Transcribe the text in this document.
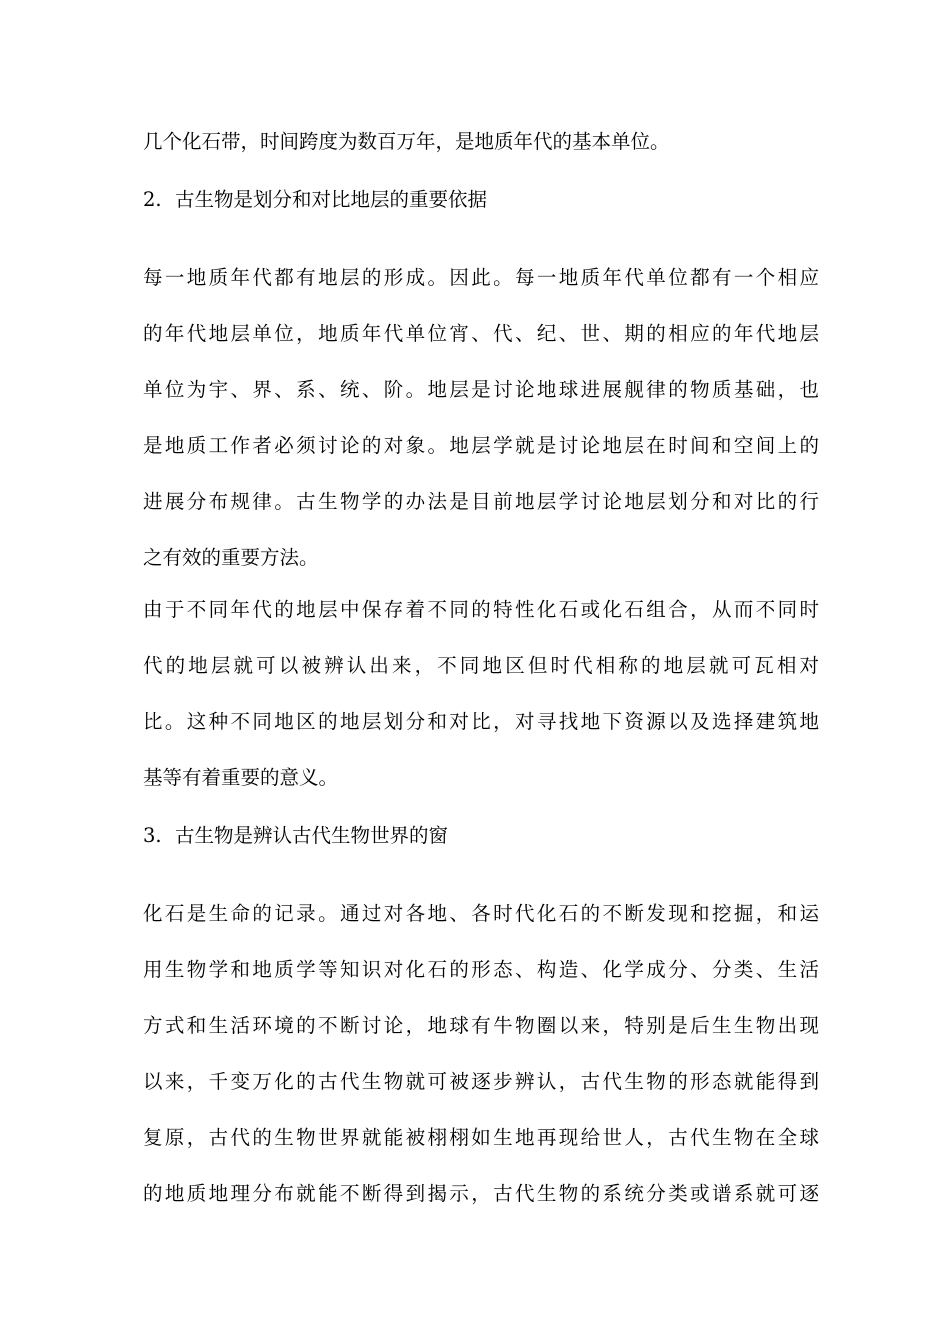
几个化石带，时间跨度为数百万年，是地质年代的基本单位。
2. 古生物是划分和对比地层的重要依据
每一地质年代都有地层的形成。因此。每一地质年代单位都有一个相应
的年代地层单位，地质年代单位宵、代、纪、世、期的相应的年代地层
单位为宇、界、系、统、阶。地层是讨论地球进展舰律的物质基础，也
是地质工作者必须讨论的对象。地层学就是讨论地层在时间和空间上的
进展分布规律。古生物学的办法是目前地层学讨论地层划分和对比的行
之有效的重要方法。
由于不同年代的地层中保存着不同的特性化石或化石组合，从而不同时
代的地层就可以被辨认出来，不同地区但时代相称的地层就可瓦相对
比。这种不同地区的地层划分和对比，对寻找地下资源以及选择建筑地
基等有着重要的意义。
3. 古生物是辨认古代生物世界的窗
化石是生命的记录。通过对各地、各时代化石的不断发现和挖掘，和运
用生物学和地质学等知识对化石的形态、构造、化学成分、分类、生活
方式和生活环境的不断讨论，地球有牛物圈以来，特别是后生生物出现
以来，千变万化的古代生物就可被逐步辨认，古代生物的形态就能得到
复原，古代的生物世界就能被栩栩如生地再现给世人，古代生物在全球
的地质地理分布就能不断得到揭示，古代生物的系统分类或谱系就可逐
